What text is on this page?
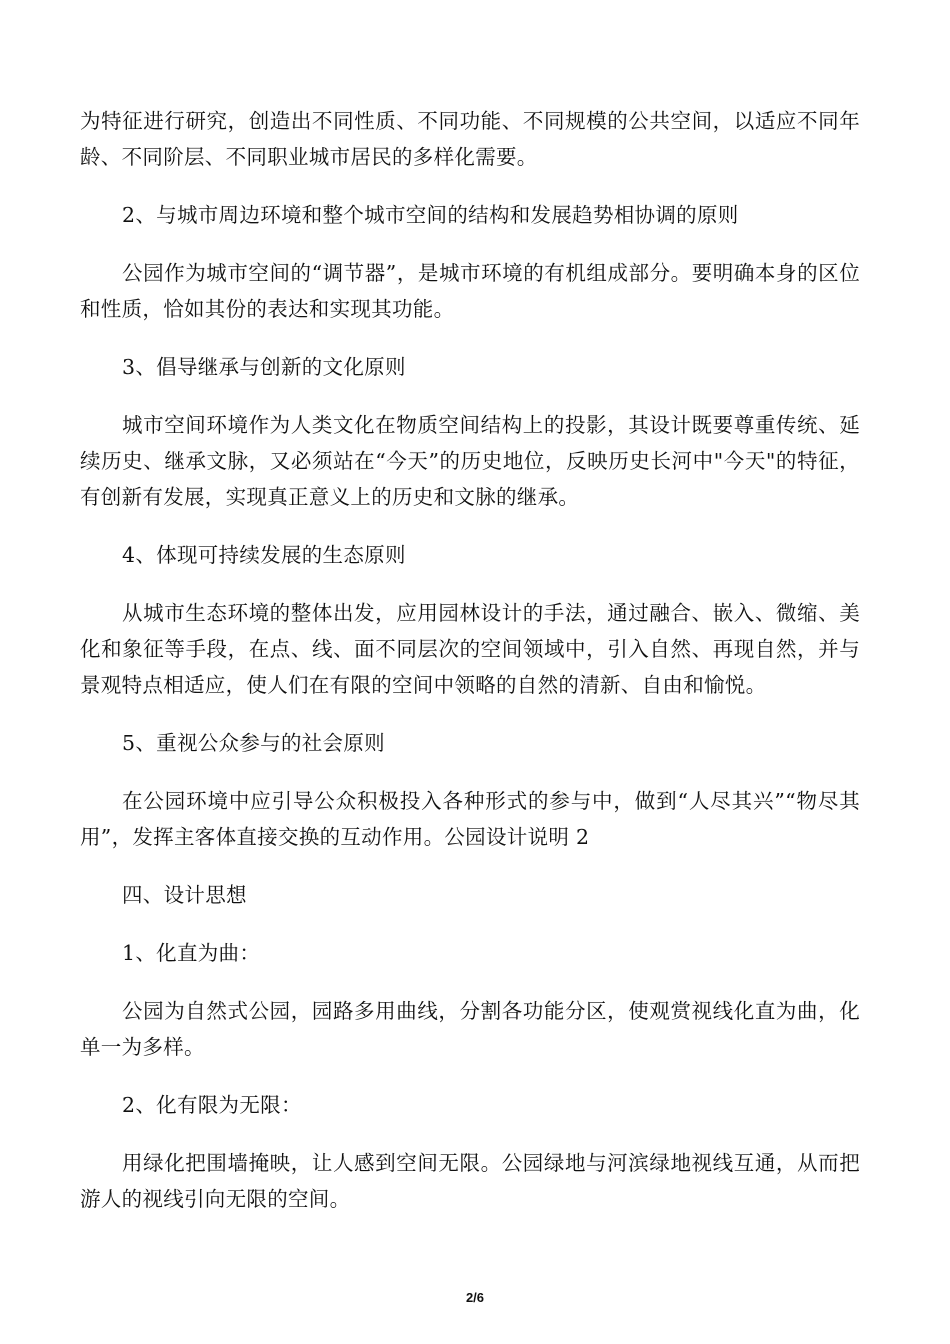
为特征进行研究，创造出不同性质、不同功能、不同规模的公共空间，以适应不同年龄、不同阶层、不同职业城市居民的多样化需要。

2、与城市周边环境和整个城市空间的结构和发展趋势相协调的原则

公园作为城市空间的“调节器”，是城市环境的有机组成部分。要明确本身的区位和性质，恰如其份的表达和实现其功能。

3、倡导继承与创新的文化原则

城市空间环境作为人类文化在物质空间结构上的投影，其设计既要尊重传统、延续历史、继承文脉，又必须站在“今天”的历史地位，反映历史长河中"今天"的特征，有创新有发展，实现真正意义上的历史和文脉的继承。

4、体现可持续发展的生态原则

从城市生态环境的整体出发，应用园林设计的手法，通过融合、嵌入、微缩、美化和象征等手段，在点、线、面不同层次的空间领域中，引入自然、再现自然，并与景观特点相适应，使人们在有限的空间中领略的自然的清新、自由和愉悦。

5、重视公众参与的社会原则

在公园环境中应引导公众积极投入各种形式的参与中，做到“人尽其兴”“物尽其用”，发挥主客体直接交换的互动作用。公园设计说明 2

四、设计思想

1、化直为曲：

公园为自然式公园，园路多用曲线，分割各功能分区，使观赏视线化直为曲，化单一为多样。

2、化有限为无限：

用绿化把围墙掩映，让人感到空间无限。公园绿地与河滨绿地视线互通，从而把游人的视线引向无限的空间。

2/6
